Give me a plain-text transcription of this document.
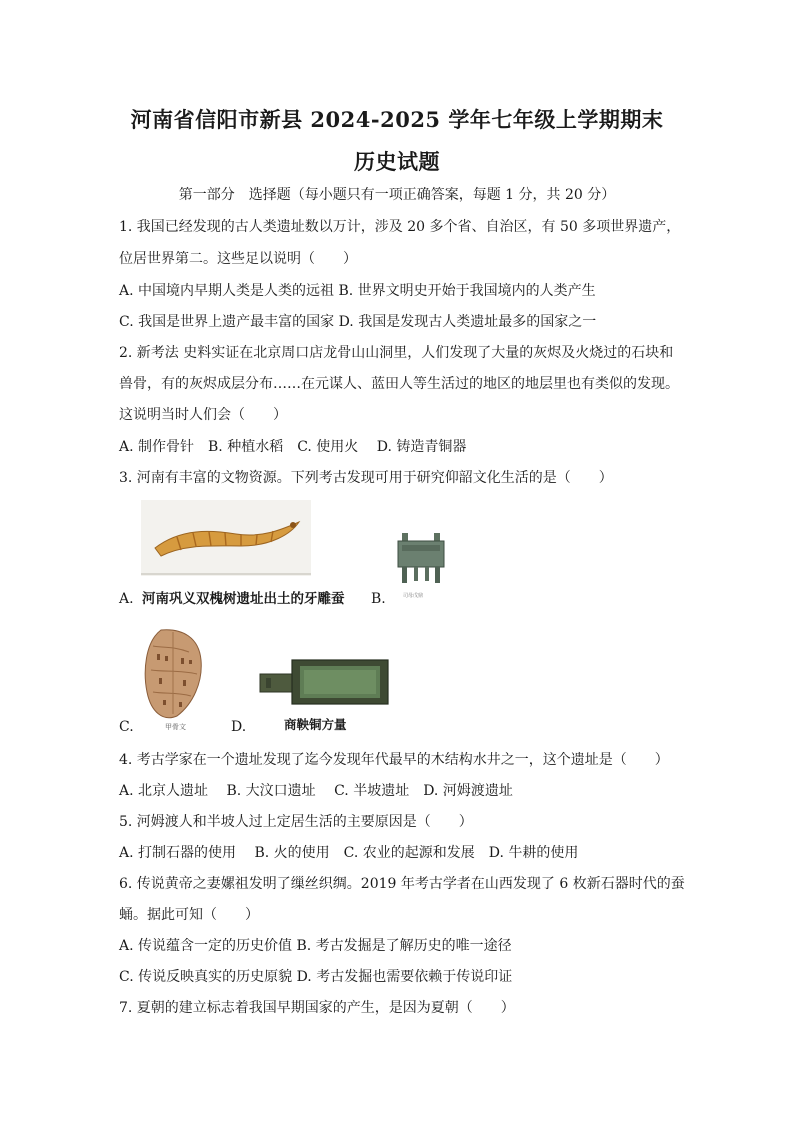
河南省信阳市新县 2024-2025 学年七年级上学期期末
历史试题
第一部分　选择题（每小题只有一项正确答案，每题 1 分，共 20 分）
1. 我国已经发现的古人类遗址数以万计，涉及 20 多个省、自治区，有 50 多项世界遗产，
位居世界第二。这些足以说明（　　）
A. 中国境内早期人类是人类的远祖 B. 世界文明史开始于我国境内的人类产生
C. 我国是世界上遗产最丰富的国家 D. 我国是发现古人类遗址最多的国家之一
2. 新考法 史料实证在北京周口店龙骨山山洞里，人们发现了大量的灰烬及火烧过的石块和
兽骨，有的灰烬成层分布……在元谋人、蓝田人等生活过的地区的地层里也有类似的发现。
这说明当时人们会（　　）
A. 制作骨针　B. 种植水稻　C. 使用火　 D. 铸造青铜器
3. 河南有丰富的文物资源。下列考古发现可用于研究仰韶文化生活的是（　　）
A. 河南巩义双槐树遗址出土的牙雕蚕 B.	司母戊鼎
C.	甲骨文	D.	商鞅铜方量
4. 考古学家在一个遗址发现了迄今发现年代最早的木结构水井之一，这个遗址是（　　）
A. 北京人遗址　 B. 大汶口遗址　 C. 半坡遗址　D. 河姆渡遗址
5. 河姆渡人和半坡人过上定居生活的主要原因是（　　）
A. 打制石器的使用　 B. 火的使用　C. 农业的起源和发展　D. 牛耕的使用
6. 传说黄帝之妻嫘祖发明了缫丝织绸。2019 年考古学者在山西发现了 6 枚新石器时代的蚕
蛹。据此可知（　　）
A. 传说蕴含一定的历史价值 B. 考古发掘是了解历史的唯一途径
C. 传说反映真实的历史原貌 D. 考古发掘也需要依赖于传说印证
7. 夏朝的建立标志着我国早期国家的产生，是因为夏朝（　　）
